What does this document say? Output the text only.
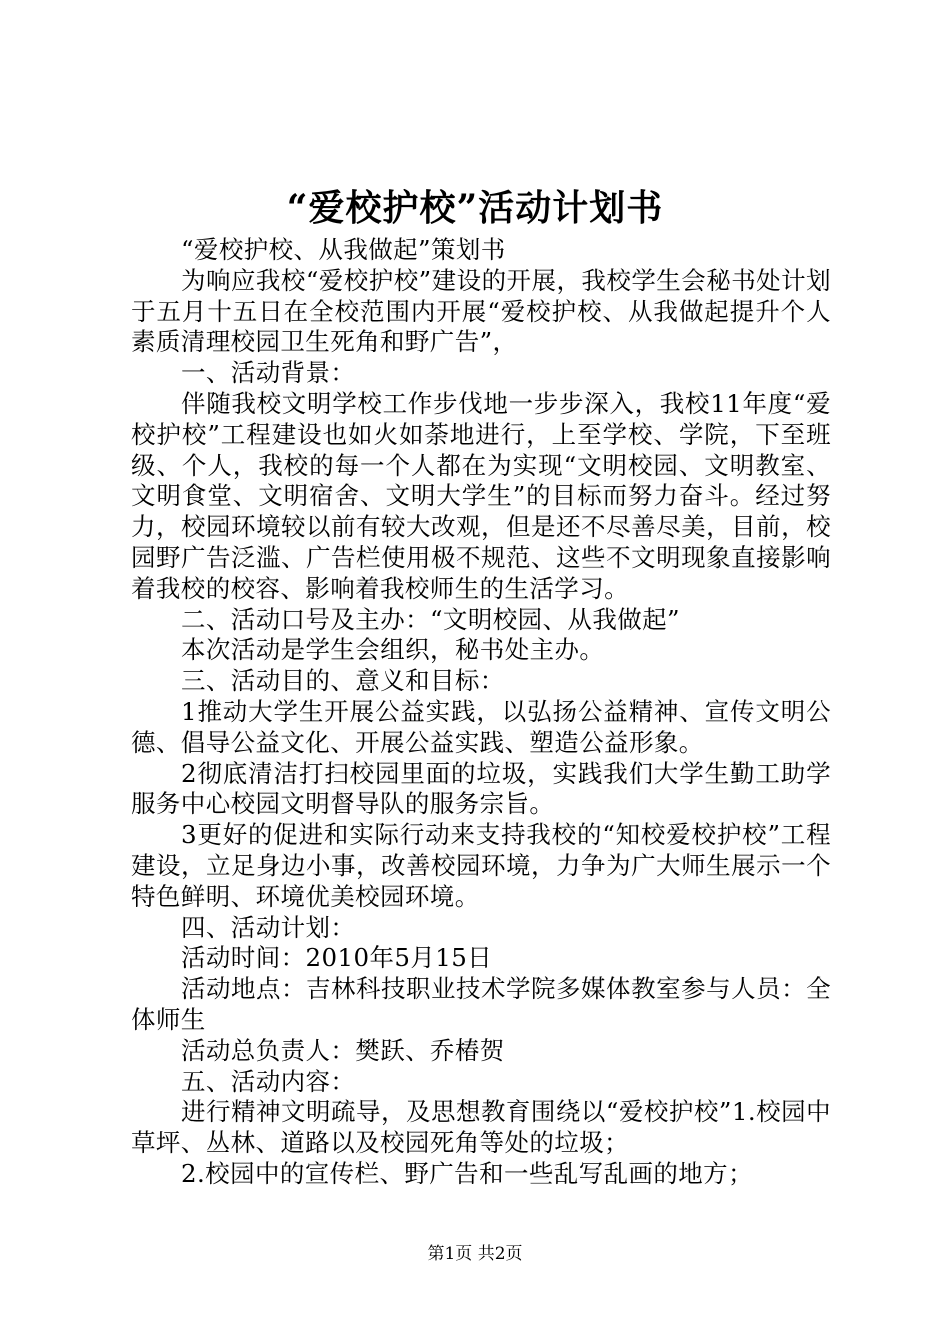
“爱校护校”活动计划书

“爱校护校、从我做起”策划书

为响应我校“爱校护校”建设的开展，我校学生会秘书处计划于五月十五日在全校范围内开展“爱校护校、从我做起提升个人素质清理校园卫生死角和野广告”，

一、活动背景：

伴随我校文明学校工作步伐地一步步深入，我校11年度“爱校护校”工程建设也如火如荼地进行，上至学校、学院，下至班级、个人，我校的每一个人都在为实现“文明校园、文明教室、文明食堂、文明宿舍、文明大学生”的目标而努力奋斗。经过努力，校园环境较以前有较大改观，但是还不尽善尽美，目前，校园野广告泛滥、广告栏使用极不规范、这些不文明现象直接影响着我校的校容、影响着我校师生的生活学习。

二、活动口号及主办：“文明校园、从我做起”

本次活动是学生会组织，秘书处主办。

三、活动目的、意义和目标：

1推动大学生开展公益实践，以弘扬公益精神、宣传文明公德、倡导公益文化、开展公益实践、塑造公益形象。

2彻底清洁打扫校园里面的垃圾，实践我们大学生勤工助学服务中心校园文明督导队的服务宗旨。

3更好的促进和实际行动来支持我校的“知校爱校护校”工程建设，立足身边小事，改善校园环境，力争为广大师生展示一个特色鲜明、环境优美校园环境。

四、活动计划：

活动时间：2010年5月15日

活动地点：吉林科技职业技术学院多媒体教室参与人员：全体师生

活动总负责人：樊跃、乔椿贺

五、活动内容：

进行精神文明疏导，及思想教育围绕以“爱校护校”1.校园中草坪、丛林、道路以及校园死角等处的垃圾；

2.校园中的宣传栏、野广告和一些乱写乱画的地方；

第1页 共2页
